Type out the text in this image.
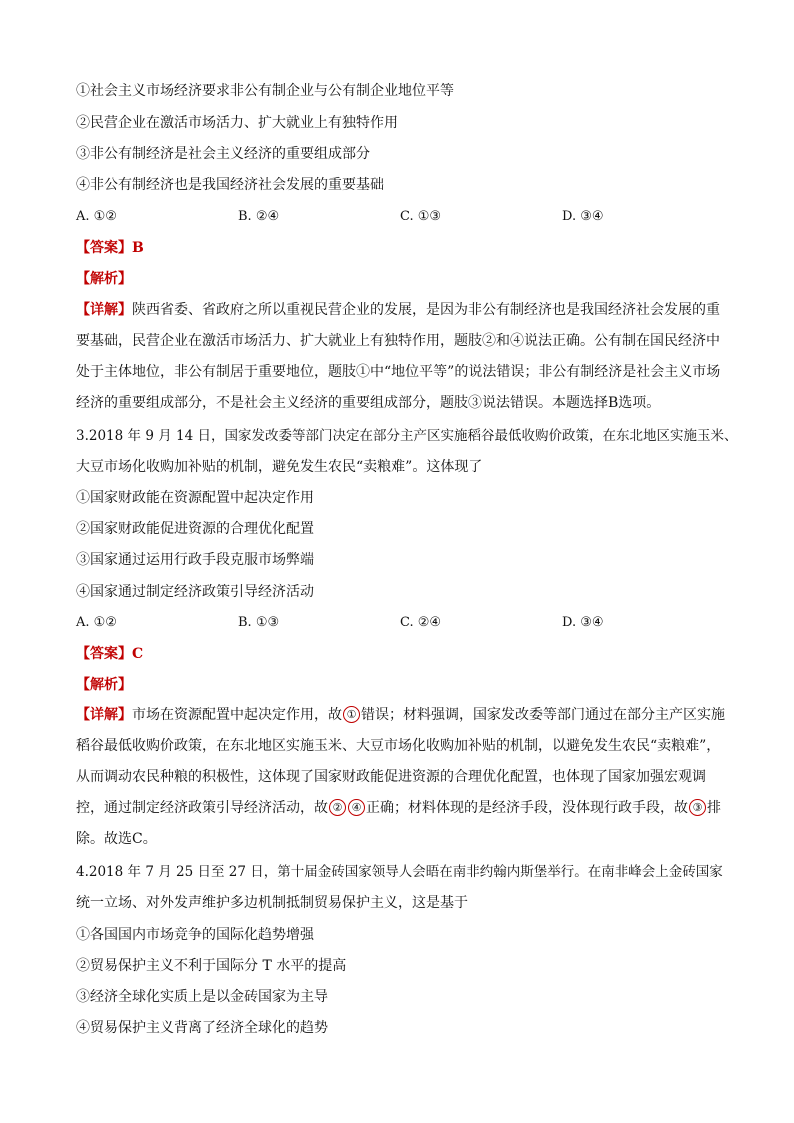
①社会主义市场经济要求非公有制企业与公有制企业地位平等
②民营企业在激活市场活力、扩大就业上有独特作用
③非公有制经济是社会主义经济的重要组成部分
④非公有制经济也是我国经济社会发展的重要基础
A. ①②	B. ②④	C. ①③	D. ③④
【答案】B
【解析】
【详解】陕西省委、省政府之所以重视民营企业的发展，是因为非公有制经济也是我国经济社会发展的重要基础，民营企业在激活市场活力、扩大就业上有独特作用，题肢②和④说法正确。公有制在国民经济中处于主体地位，非公有制居于重要地位，题肢①中“地位平等”的说法错误；非公有制经济是社会主义市场经济的重要组成部分，不是社会主义经济的重要组成部分，题肢③说法错误。本题选择B选项。
3.2018 年 9 月 14 日，国家发改委等部门决定在部分主产区实施稻谷最低收购价政策，在东北地区实施玉米、
大豆市场化收购加补贴的机制，避免发生农民“卖粮难”。这体现了
①国家财政能在资源配置中起决定作用
②国家财政能促进资源的合理优化配置
③国家通过运用行政手段克服市场弊端
④国家通过制定经济政策引导经济活动
A. ①②	B. ①③	C. ②④	D. ③④
【答案】C
【解析】
【详解】市场在资源配置中起决定作用，故 ① 错误；材料强调，国家发改委等部门通过在部分主产区实施稻谷最低收购价政策，在东北地区实施玉米、大豆市场化收购加补贴的机制，以避免发生农民“卖粮难”，从而调动农民种粮的积极性，这体现了国家财政能促进资源的合理优化配置，也体现了国家加强宏观调控，通过制定经济政策引导经济活动，故 ② ④ 正确；材料体现的是经济手段，没体现行政手段，故 ③ 排除。故选C。
4.2018 年 7 月 25 日至 27 日，第十届金砖国家领导人会晤在南非约翰内斯堡举行。在南非峰会上金砖国家
统一立场、对外发声维护多边机制抵制贸易保护主义，这是基于
①各国国内市场竞争的国际化趋势增强
②贸易保护主义不利于国际分 T 水平的提高
③经济全球化实质上是以金砖国家为主导
④贸易保护主义背离了经济全球化的趋势
